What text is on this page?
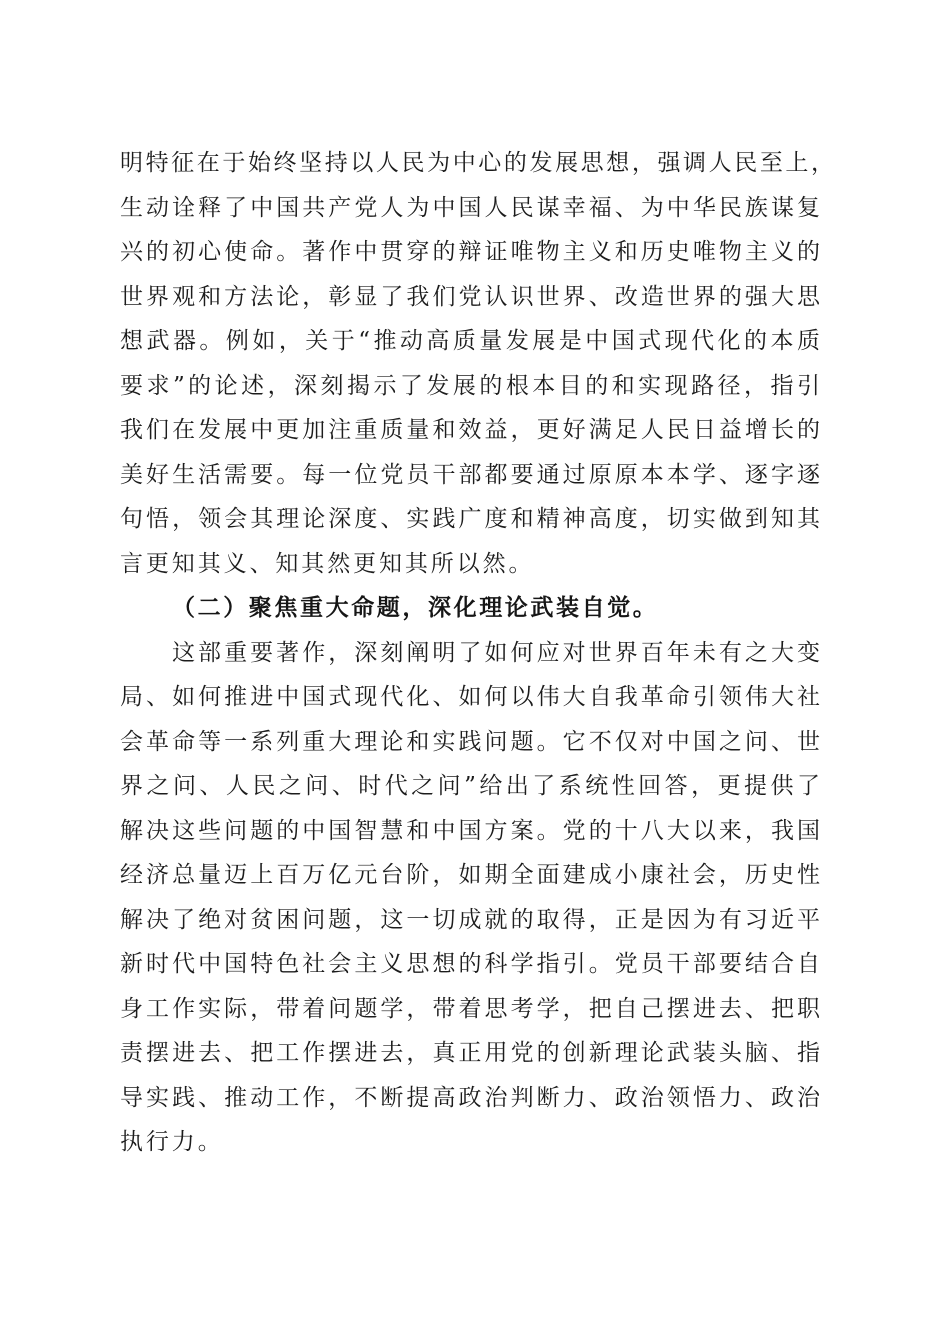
明特征在于始终坚持以人民为中心的发展思想，强调人民至上，
生动诠释了中国共产党人为中国人民谋幸福、为中华民族谋复
兴的初心使命。著作中贯穿的辩证唯物主义和历史唯物主义的
世界观和方法论，彰显了我们党认识世界、改造世界的强大思
想武器。例如，关于“推动高质量发展是中国式现代化的本质
要求”的论述，深刻揭示了发展的根本目的和实现路径，指引
我们在发展中更加注重质量和效益，更好满足人民日益增长的
美好生活需要。每一位党员干部都要通过原原本本学、逐字逐
句悟，领会其理论深度、实践广度和精神高度，切实做到知其
言更知其义、知其然更知其所以然。
（二）聚焦重大命题，深化理论武装自觉。
这部重要著作，深刻阐明了如何应对世界百年未有之大变
局、如何推进中国式现代化、如何以伟大自我革命引领伟大社
会革命等一系列重大理论和实践问题。它不仅对中国之问、世
界之问、人民之问、时代之问”给出了系统性回答，更提供了
解决这些问题的中国智慧和中国方案。党的十八大以来，我国
经济总量迈上百万亿元台阶，如期全面建成小康社会，历史性
解决了绝对贫困问题，这一切成就的取得，正是因为有习近平
新时代中国特色社会主义思想的科学指引。党员干部要结合自
身工作实际，带着问题学，带着思考学，把自己摆进去、把职
责摆进去、把工作摆进去，真正用党的创新理论武装头脑、指
导实践、推动工作，不断提高政治判断力、政治领悟力、政治
执行力。
